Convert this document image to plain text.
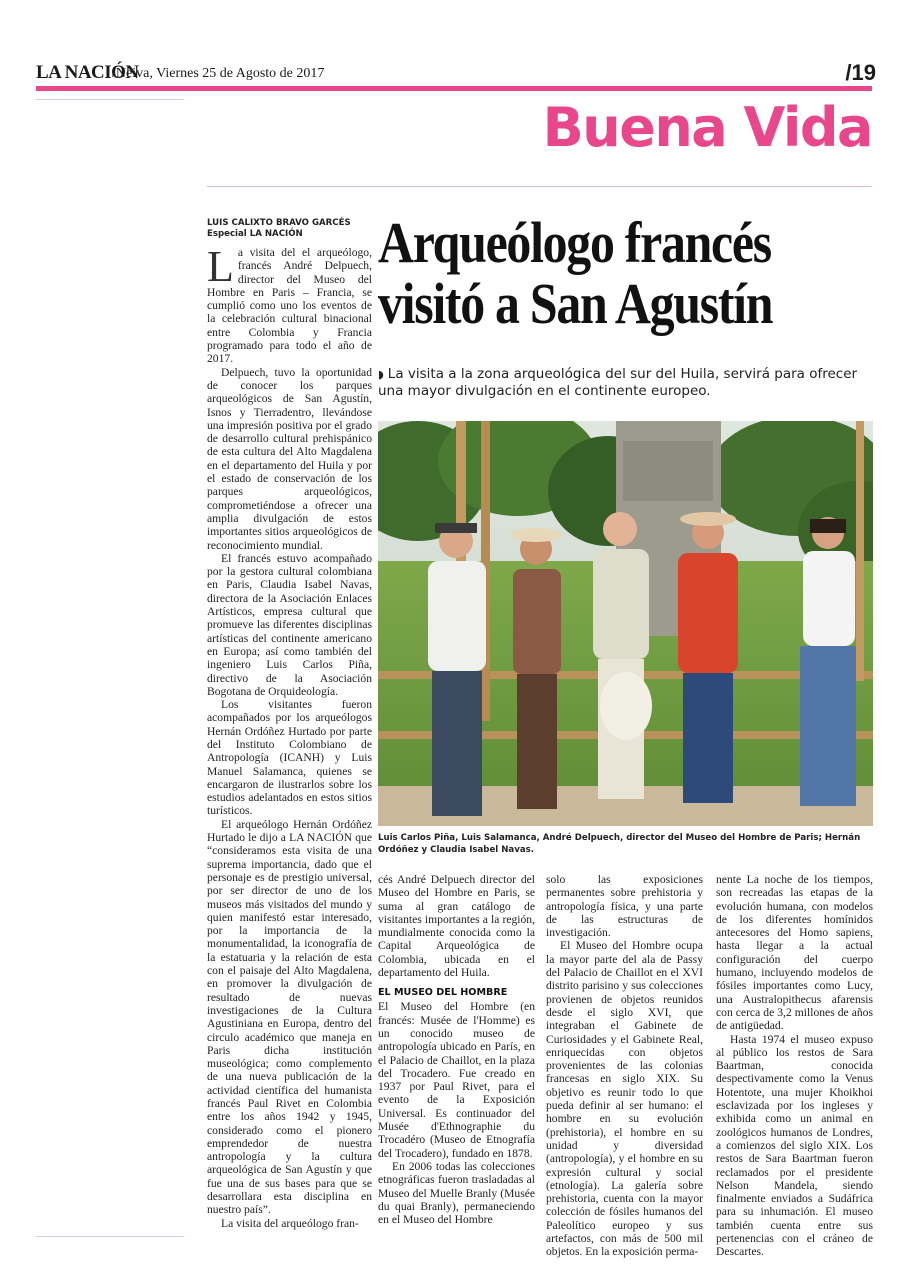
LA NACIÓN
/Neiva, Viernes 25 de Agosto de 2017	/19
Buena Vida
LUIS CALIXTO BRAVO GARCÉS
Especial LA NACIÓN	Arqueólogo francés
visitó a San Agustín
◗ La visita a la zona arqueológica del sur del Huila, servirá para ofrecer una mayor divulgación en el continente europeo.
Luis Carlos Piña, Luis Salamanca, André Delpuech, director del Museo del Hombre de Paris; Hernán Ordóñez y Claudia Isabel Navas.

La visita del el arqueólogo, francés André Delpuech, director del Museo del Hombre en Paris – Francia, se cumplió como uno los eventos de la celebración cultural binacional entre Colombia y Francia programado para todo el año de 2017.

Delpuech, tuvo la oportunidad de conocer los parques arqueológicos de San Agustín, Isnos y Tierradentro, llevándose una impresión positiva por el grado de desarrollo cultural prehispánico de esta cultura del Alto Magdalena en el departamento del Huila y por el estado de conservación de los parques arqueológicos, comprometiéndose a ofrecer una amplia divulgación de estos importantes sitios arqueológicos de reconocimiento mundial.

El francés estuvo acompañado por la gestora cultural colombiana en Paris, Claudia Isabel Navas, directora de la Asociación Enlaces Artísticos, empresa cultural que promueve las diferentes disciplinas artísticas del continente americano en Europa; así como también del ingeniero Luis Carlos Piña, directivo de la Asociación Bogotana de Orquideología.

Los visitantes fueron acompañados por los arqueólogos Hernán Ordóñez Hurtado por parte del Instituto Colombiano de Antropología (ICANH) y Luis Manuel Salamanca, quienes se encargaron de ilustrarlos sobre los estudios adelantados en estos sitios turísticos.

El arqueólogo Hernán Ordóñez Hurtado le dijo a LA NACIÓN que “consideramos esta visita de una suprema importancia, dado que el personaje es de prestigio universal, por ser director de uno de los museos más visitados del mundo y quien manifestó estar interesado, por la importancia de la monumentalidad, la iconografía de la estatuaria y la relación de esta con el paisaje del Alto Magdalena, en promover la divulgación de resultado de nuevas investigaciones de la Cultura Agustiniana en Europa, dentro del circulo académico que maneja en Paris dicha institución museológica; como complemento de una nueva publicación de la actividad científica del humanista francés Paul Rivet en Colombia entre los años 1942 y 1945, considerado como el pionero emprendedor de nuestra antropología y la cultura arqueológica de San Agustín y que fue una de sus bases para que se desarrollara esta disciplina en nuestro país”.

La visita del arqueólogo fran-

cés André Delpuech director del Museo del Hombre en Paris, se suma al gran catálogo de visitantes importantes a la región, mundialmente conocida como la Capital Arqueológica de Colombia, ubicada en el departamento del Huila.

EL MUSEO DEL HOMBRE

El Museo del Hombre (en francés: Musée de l'Homme) es un conocido museo de antropología ubicado en París, en el Palacio de Chaillot, en la plaza del Trocadero. Fue creado en 1937 por Paul Rivet, para el evento de la Exposición Universal. Es continuador del Musée d'Ethnographie du Trocadéro (Museo de Etnografía del Trocadero), fundado en 1878.

En 2006 todas las colecciones etnográficas fueron trasladadas al Museo del Muelle Branly (Musée du quai Branly), permaneciendo en el Museo del Hombre

solo las exposiciones permanentes sobre prehistoria y antropología física, y una parte de las estructuras de investigación.

El Museo del Hombre ocupa la mayor parte del ala de Passy del Palacio de Chaillot en el XVI distrito parisino y sus colecciones provienen de objetos reunidos desde el siglo XVI, que integraban el Gabinete de Curiosidades y el Gabinete Real, enriquecidas con objetos provenientes de las colonias francesas en siglo XIX. Su objetivo es reunir todo lo que pueda definir al ser humano: el hombre en su evolución (prehistoria), el hombre en su unidad y diversidad (antropología), y el hombre en su expresión cultural y social (etnología). La galería sobre prehistoria, cuenta con la mayor colección de fósiles humanos del Paleolítico europeo y sus artefactos, con más de 500 mil objetos. En la exposición perma-

nente La noche de los tiempos, son recreadas las etapas de la evolución humana, con modelos de los diferentes homínidos antecesores del Homo sapiens, hasta llegar a la actual configuración del cuerpo humano, incluyendo modelos de fósiles importantes como Lucy, una Australopithecus afarensis con cerca de 3,2 millones de años de antigüedad.

Hasta 1974 el museo expuso al público los restos de Sara Baartman, conocida despectivamente como la Venus Hotentote, una mujer Khoikhoi esclavizada por los ingleses y exhibida como un animal en zoológicos humanos de Londres, a comienzos del siglo XIX. Los restos de Sara Baartman fueron reclamados por el presidente Nelson Mandela, siendo finalmente enviados a Sudáfrica para su inhumación. El museo también cuenta entre sus pertenencias con el cráneo de Descartes.
